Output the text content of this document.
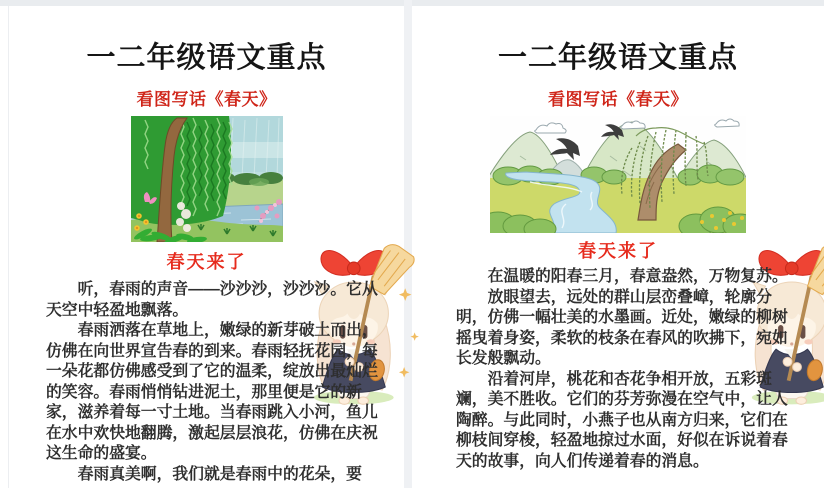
一二年级语文重点
看图写话《春天》
春天来了

听，春雨的声音——沙沙沙，沙沙沙。它从天空中轻盈地飘落。

春雨洒落在草地上，嫩绿的新芽破土而出，仿佛在向世界宣告春的到来。春雨轻抚花园，每一朵花都仿佛感受到了它的温柔，绽放出最灿烂的笑容。春雨悄悄钻进泥土，那里便是它的新家，滋养着每一寸土地。当春雨跳入小河，鱼儿在水中欢快地翻腾，激起层层浪花，仿佛在庆祝这生命的盛宴。

春雨真美啊，我们就是春雨中的花朵，要

一二年级语文重点
看图写话《春天》
春天来了

在温暖的阳春三月，春意盎然，万物复苏。

放眼望去，远处的群山层峦叠嶂，轮廓分明，仿佛一幅壮美的水墨画。近处，嫩绿的柳树摇曳着身姿，柔软的枝条在春风的吹拂下，宛如长发般飘动。

沿着河岸，桃花和杏花争相开放，五彩斑斓，美不胜收。它们的芬芳弥漫在空气中，让人陶醉。与此同时，小燕子也从南方归来，它们在柳枝间穿梭，轻盈地掠过水面，好似在诉说着春天的故事，向人们传递着春的消息。
